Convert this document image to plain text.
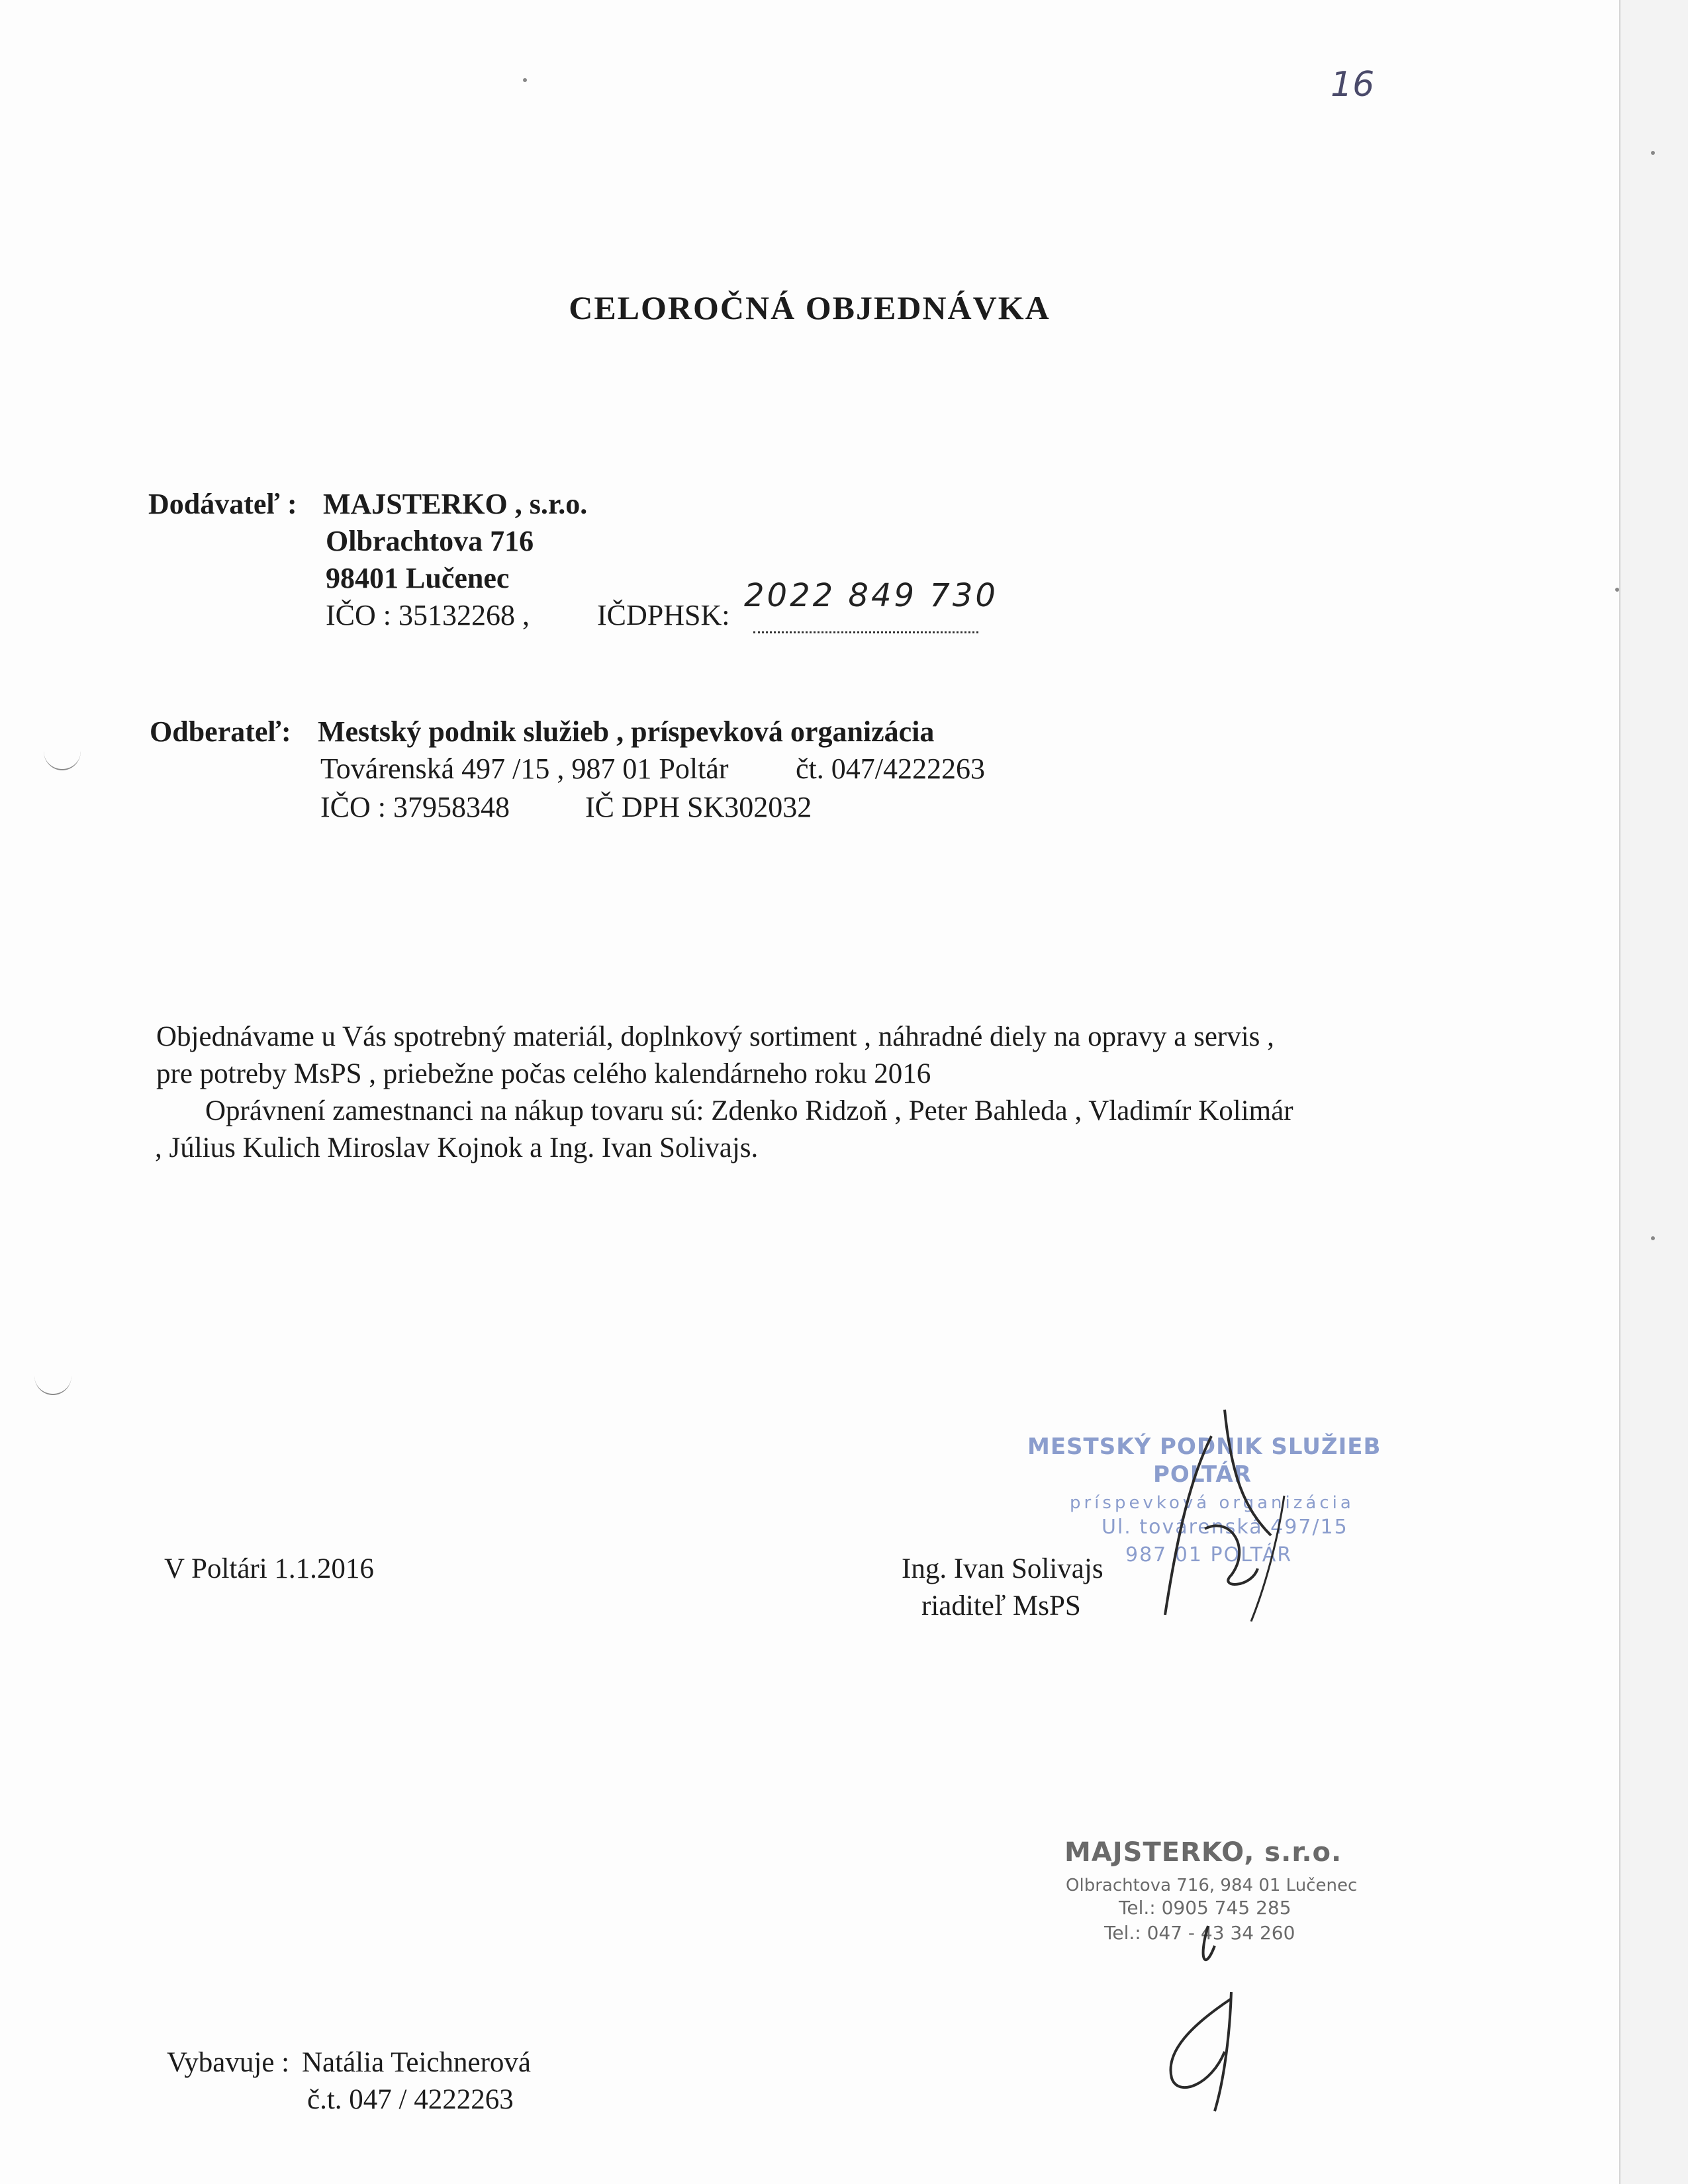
16
CELOROČNÁ OBJEDNÁVKA
Dodávateľ : MAJSTERKO , s.r.o.
Olbrachtova 716
98401 Lučenec
IČO : 35132268 , IČDPHSK:
2022 849 730
Odberateľ: Mestský podnik služieb , príspevková organizácia
Továrenská 497 /15 , 987 01 Poltár čt. 047/4222263
IČO : 37958348	IČ DPH SK302032
Objednávame u Vás spotrebný materiál, doplnkový sortiment , náhradné diely na opravy a servis ,
pre potreby MsPS , priebežne počas celého kalendárneho roku 2016
Oprávnení zamestnanci na nákup tovaru sú: Zdenko Ridzoň , Peter Bahleda , Vladimír Kolimár
, Július Kulich Miroslav Kojnok a Ing. Ivan Solivajs.
MESTSKÝ PODNIK SLUŽIEB
POLTÁR
príspevková organizácia
Ul. továrenská 497/15
987 01 POLTÁR
V Poltári 1.1.2016	Ing. Ivan Solivajs
riaditeľ MsPS
MAJSTERKO, s.r.o.
Olbrachtova 716, 984 01 Lučenec
Tel.: 0905 745 285
Tel.: 047 - 43 34 260
Vybavuje : Natália Teichnerová
č.t. 047 / 4222263
